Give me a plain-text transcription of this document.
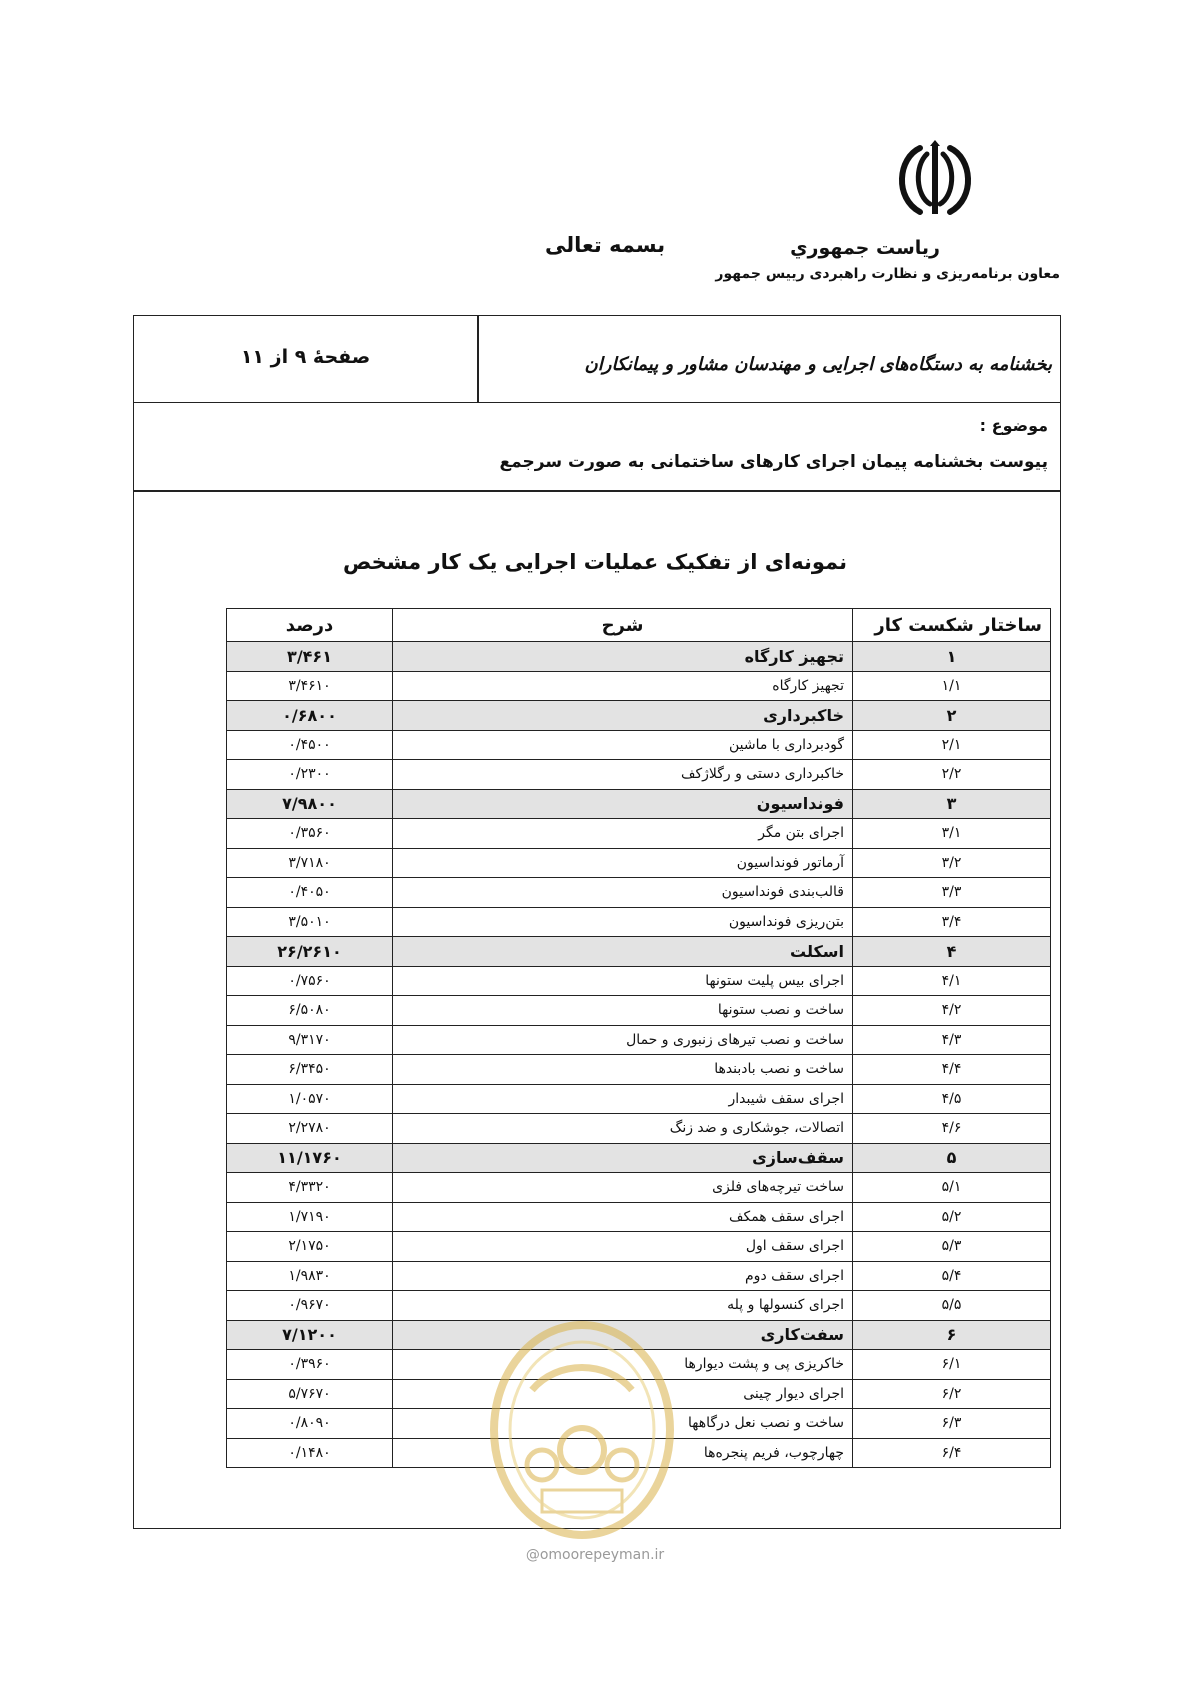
رياست جمهوري
بسمه تعالی
معاون برنامه‌ریزی و نظارت راهبردی رییس جمهور
بخشنامه به دستگاه‌های اجرایی و مهندسان مشاور و پیمانکاران
صفحهٔ ۹ از ۱۱
موضوع :
پیوست بخشنامه پیمان اجرای کارهای ساختمانی به صورت سرجمع
نمونه‌ای از تفکیک عملیات اجرایی یک کار مشخص
ساختار شکست کار	شرح	درصد
۱	تجهیز کارگاه	۳/۴۶۱
۱/۱	تجهیز کارگاه	۳/۴۶۱۰
۲	خاکبرداری	۰/۶۸۰۰
۲/۱	گودبرداری با ماشین	۰/۴۵۰۰
۲/۲	خاکبرداری دستی و رگلاژکف	۰/۲۳۰۰
۳	فونداسیون	۷/۹۸۰۰
۳/۱	اجرای بتن مگر	۰/۳۵۶۰
۳/۲	آرماتور فونداسیون	۳/۷۱۸۰
۳/۳	قالب‌بندی فونداسیون	۰/۴۰۵۰
۳/۴	بتن‌ریزی فونداسیون	۳/۵۰۱۰
۴	اسکلت	۲۶/۲۶۱۰
۴/۱	اجرای بیس پلیت ستونها	۰/۷۵۶۰
۴/۲	ساخت و نصب ستونها	۶/۵۰۸۰
۴/۳	ساخت و نصب تیرهای زنبوری و حمال	۹/۳۱۷۰
۴/۴	ساخت و نصب بادبندها	۶/۳۴۵۰
۴/۵	اجرای سقف شیبدار	۱/۰۵۷۰
۴/۶	اتصالات، جوشکاری و ضد زنگ	۲/۲۷۸۰
۵	سقف‌سازی	۱۱/۱۷۶۰
۵/۱	ساخت تیرچه‌های فلزی	۴/۳۳۲۰
۵/۲	اجرای سقف همکف	۱/۷۱۹۰
۵/۳	اجرای سقف اول	۲/۱۷۵۰
۵/۴	اجرای سقف دوم	۱/۹۸۳۰
۵/۵	اجرای کنسولها و پله	۰/۹۶۷۰
۶	سفت‌کاری	۷/۱۲۰۰
۶/۱	خاکریزی پی و پشت دیوارها	۰/۳۹۶۰
۶/۲	اجرای دیوار چینی	۵/۷۶۷۰
۶/۳	ساخت و نصب نعل درگاهها	۰/۸۰۹۰
۶/۴	چهارچوب، فریم پنجره‌ها	۰/۱۴۸۰
@omoorepeyman.ir
